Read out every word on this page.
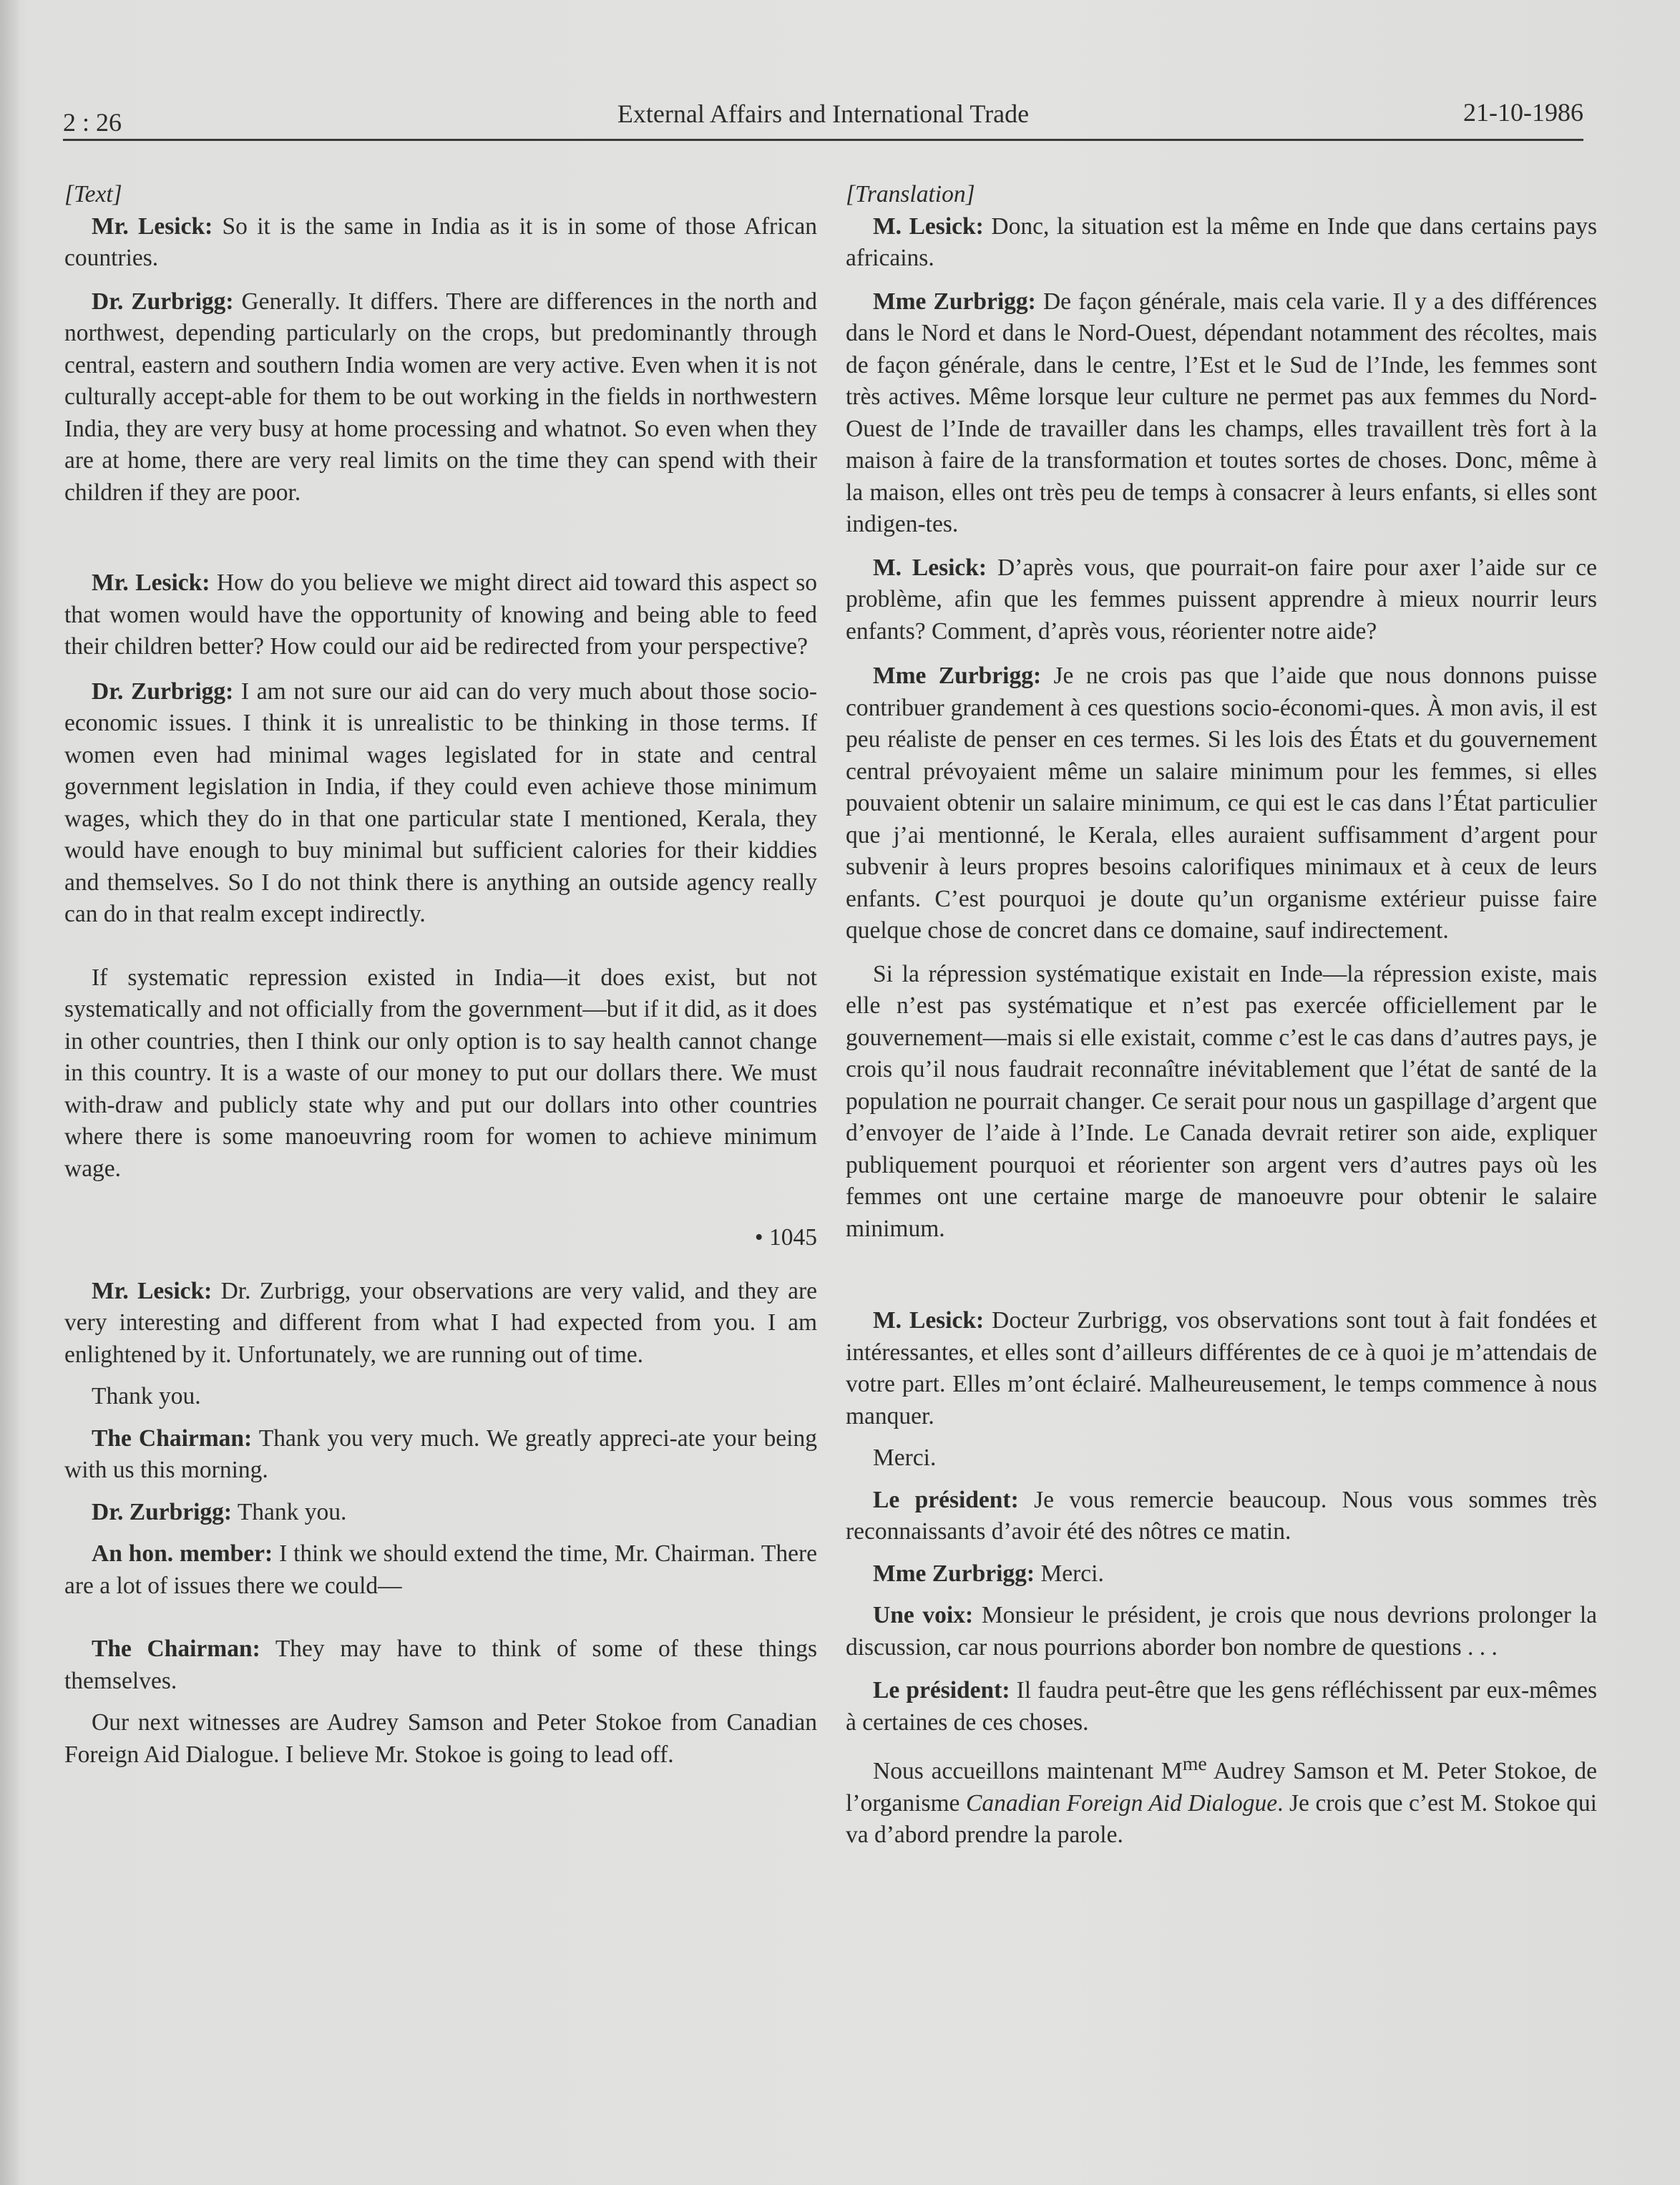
2 : 26	External Affairs and International Trade	21-10-1986

[Text]

Mr. Lesick: So it is the same in India as it is in some of those African countries.

Dr. Zurbrigg: Generally. It differs. There are differences in the north and northwest, depending particularly on the crops, but predominantly through central, eastern and southern India women are very active. Even when it is not culturally accept-able for them to be out working in the fields in northwestern India, they are very busy at home processing and whatnot. So even when they are at home, there are very real limits on the time they can spend with their children if they are poor.

Mr. Lesick: How do you believe we might direct aid toward this aspect so that women would have the opportunity of knowing and being able to feed their children better? How could our aid be redirected from your perspective?

Dr. Zurbrigg: I am not sure our aid can do very much about those socio-economic issues. I think it is unrealistic to be thinking in those terms. If women even had minimal wages legislated for in state and central government legislation in India, if they could even achieve those minimum wages, which they do in that one particular state I mentioned, Kerala, they would have enough to buy minimal but sufficient calories for their kiddies and themselves. So I do not think there is anything an outside agency really can do in that realm except indirectly.

If systematic repression existed in India—it does exist, but not systematically and not officially from the government—but if it did, as it does in other countries, then I think our only option is to say health cannot change in this country. It is a waste of our money to put our dollars there. We must with-draw and publicly state why and put our dollars into other countries where there is some manoeuvring room for women to achieve minimum wage.

• 1045

Mr. Lesick: Dr. Zurbrigg, your observations are very valid, and they are very interesting and different from what I had expected from you. I am enlightened by it. Unfortunately, we are running out of time.

Thank you.

The Chairman: Thank you very much. We greatly appreci-ate your being with us this morning.

Dr. Zurbrigg: Thank you.

An hon. member: I think we should extend the time, Mr. Chairman. There are a lot of issues there we could—

The Chairman: They may have to think of some of these things themselves.

Our next witnesses are Audrey Samson and Peter Stokoe from Canadian Foreign Aid Dialogue. I believe Mr. Stokoe is going to lead off.

[Translation]

M. Lesick: Donc, la situation est la même en Inde que dans certains pays africains.

Mme Zurbrigg: De façon générale, mais cela varie. Il y a des différences dans le Nord et dans le Nord-Ouest, dépendant notamment des récoltes, mais de façon générale, dans le centre, l’Est et le Sud de l’Inde, les femmes sont très actives. Même lorsque leur culture ne permet pas aux femmes du Nord-Ouest de l’Inde de travailler dans les champs, elles travaillent très fort à la maison à faire de la transformation et toutes sortes de choses. Donc, même à la maison, elles ont très peu de temps à consacrer à leurs enfants, si elles sont indigen-tes.

M. Lesick: D’après vous, que pourrait-on faire pour axer l’aide sur ce problème, afin que les femmes puissent apprendre à mieux nourrir leurs enfants? Comment, d’après vous, réorienter notre aide?

Mme Zurbrigg: Je ne crois pas que l’aide que nous donnons puisse contribuer grandement à ces questions socio-économi-ques. À mon avis, il est peu réaliste de penser en ces termes. Si les lois des États et du gouvernement central prévoyaient même un salaire minimum pour les femmes, si elles pouvaient obtenir un salaire minimum, ce qui est le cas dans l’État particulier que j’ai mentionné, le Kerala, elles auraient suffisamment d’argent pour subvenir à leurs propres besoins calorifiques minimaux et à ceux de leurs enfants. C’est pourquoi je doute qu’un organisme extérieur puisse faire quelque chose de concret dans ce domaine, sauf indirectement.

Si la répression systématique existait en Inde—la répression existe, mais elle n’est pas systématique et n’est pas exercée officiellement par le gouvernement—mais si elle existait, comme c’est le cas dans d’autres pays, je crois qu’il nous faudrait reconnaître inévitablement que l’état de santé de la population ne pourrait changer. Ce serait pour nous un gaspillage d’argent que d’envoyer de l’aide à l’Inde. Le Canada devrait retirer son aide, expliquer publiquement pourquoi et réorienter son argent vers d’autres pays où les femmes ont une certaine marge de manoeuvre pour obtenir le salaire minimum.

M. Lesick: Docteur Zurbrigg, vos observations sont tout à fait fondées et intéressantes, et elles sont d’ailleurs différentes de ce à quoi je m’attendais de votre part. Elles m’ont éclairé. Malheureusement, le temps commence à nous manquer.

Merci.

Le président: Je vous remercie beaucoup. Nous vous sommes très reconnaissants d’avoir été des nôtres ce matin.

Mme Zurbrigg: Merci.

Une voix: Monsieur le président, je crois que nous devrions prolonger la discussion, car nous pourrions aborder bon nombre de questions . . .

Le président: Il faudra peut-être que les gens réfléchissent par eux-mêmes à certaines de ces choses.

Nous accueillons maintenant $M^{me}$ Audrey Samson et M. Peter Stokoe, de l’organisme Canadian Foreign Aid Dialogue. Je crois que c’est M. Stokoe qui va d’abord prendre la parole.
